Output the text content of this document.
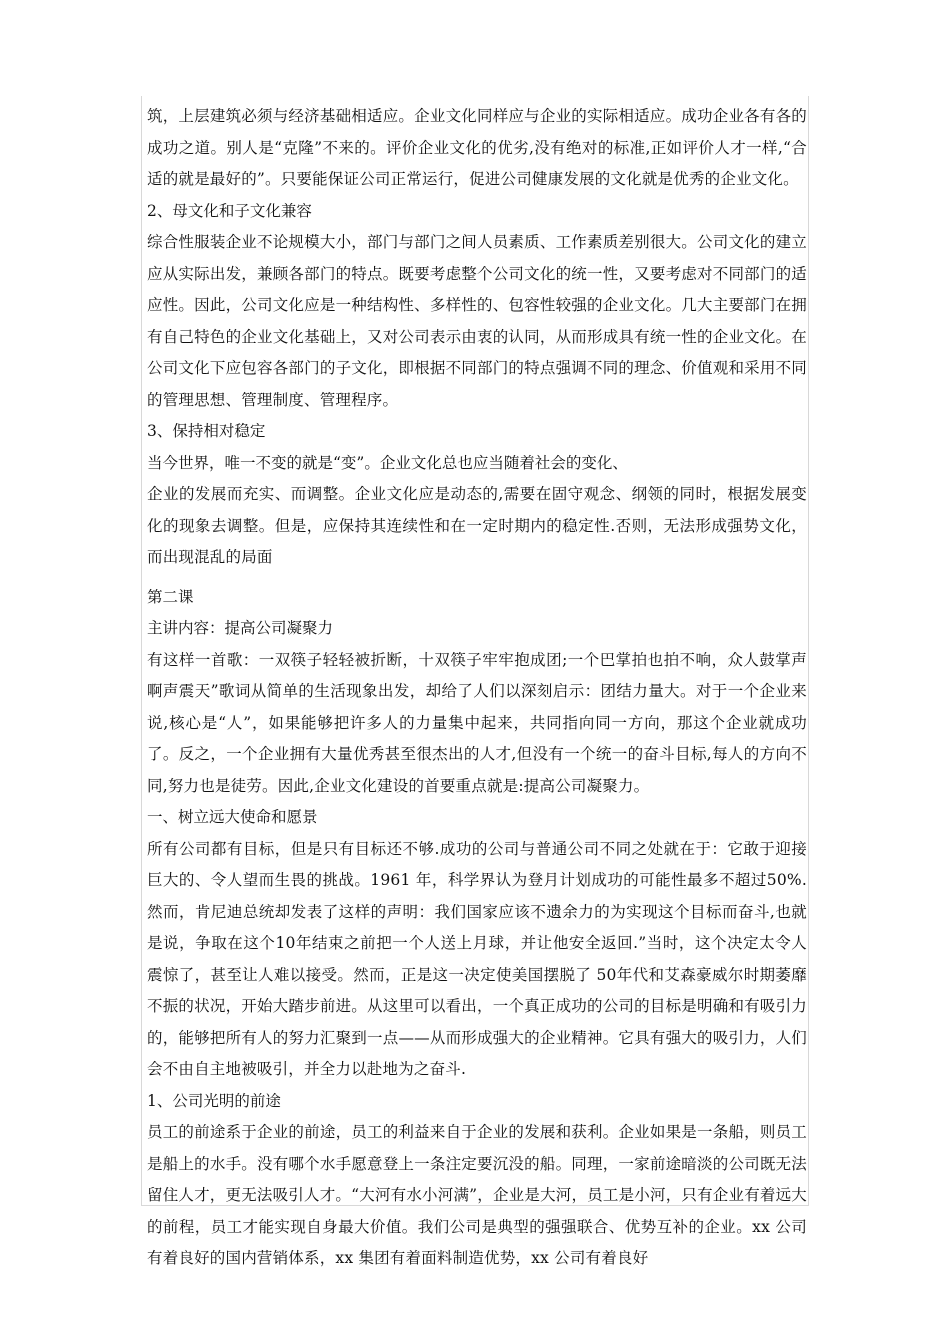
筑，上层建筑必须与经济基础相适应。企业文化同样应与企业的实际相适应。成功企业各有各的成功之道。别人是“克隆”不来的。评价企业文化的优劣,没有绝对的标准,正如评价人才一样,“合适的就是最好的”。只要能保证公司正常运行，促进公司健康发展的文化就是优秀的企业文化。

2、母文化和子文化兼容

综合性服装企业不论规模大小，部门与部门之间人员素质、工作素质差别很大。公司文化的建立应从实际出发，兼顾各部门的特点。既要考虑整个公司文化的统一性，又要考虑对不同部门的适应性。因此，公司文化应是一种结构性、多样性的、包容性较强的企业文化。几大主要部门在拥有自己特色的企业文化基础上，又对公司表示由衷的认同，从而形成具有统一性的企业文化。在公司文化下应包容各部门的子文化，即根据不同部门的特点强调不同的理念、价值观和采用不同的管理思想、管理制度、管理程序。

3、保持相对稳定

当今世界，唯一不变的就是“变”。企业文化总也应当随着社会的变化、

企业的发展而充实、而调整。企业文化应是动态的,需要在固守观念、纲领的同时，根据发展变化的现象去调整。但是，应保持其连续性和在一定时期内的稳定性.否则，无法形成强势文化，而出现混乱的局面

第二课

主讲内容：提高公司凝聚力

有这样一首歌：一双筷子轻轻被折断，十双筷子牢牢抱成团;一个巴掌拍也拍不响，众人鼓掌声啊声震天”歌词从简单的生活现象出发，却给了人们以深刻启示：团结力量大。对于一个企业来说,核心是“人”，如果能够把许多人的力量集中起来，共同指向同一方向，那这个企业就成功了。反之，一个企业拥有大量优秀甚至很杰出的人才,但没有一个统一的奋斗目标,每人的方向不同,努力也是徒劳。因此,企业文化建设的首要重点就是:提高公司凝聚力。

一、树立远大使命和愿景

所有公司都有目标，但是只有目标还不够.成功的公司与普通公司不同之处就在于：它敢于迎接巨大的、令人望而生畏的挑战。1961 年，科学界认为登月计划成功的可能性最多不超过50%. 然而，肯尼迪总统却发表了这样的声明：我们国家应该不遗余力的为实现这个目标而奋斗,也就是说，争取在这个10年结束之前把一个人送上月球，并让他安全返回.”当时，这个决定太令人震惊了，甚至让人难以接受。然而，正是这一决定使美国摆脱了 50年代和艾森豪威尔时期萎靡不振的状况，开始大踏步前进。从这里可以看出，一个真正成功的公司的目标是明确和有吸引力的，能够把所有人的努力汇聚到一点——从而形成强大的企业精神。它具有强大的吸引力，人们会不由自主地被吸引，并全力以赴地为之奋斗.

1、公司光明的前途

员工的前途系于企业的前途，员工的利益来自于企业的发展和获利。企业如果是一条船，则员工是船上的水手。没有哪个水手愿意登上一条注定要沉没的船。同理，一家前途暗淡的公司既无法留住人才，更无法吸引人才。“大河有水小河满”，企业是大河，员工是小河，只有企业有着远大的前程，员工才能实现自身最大价值。我们公司是典型的强强联合、优势互补的企业。xx 公司有着良好的国内营销体系，xx 集团有着面料制造优势，xx 公司有着良好
